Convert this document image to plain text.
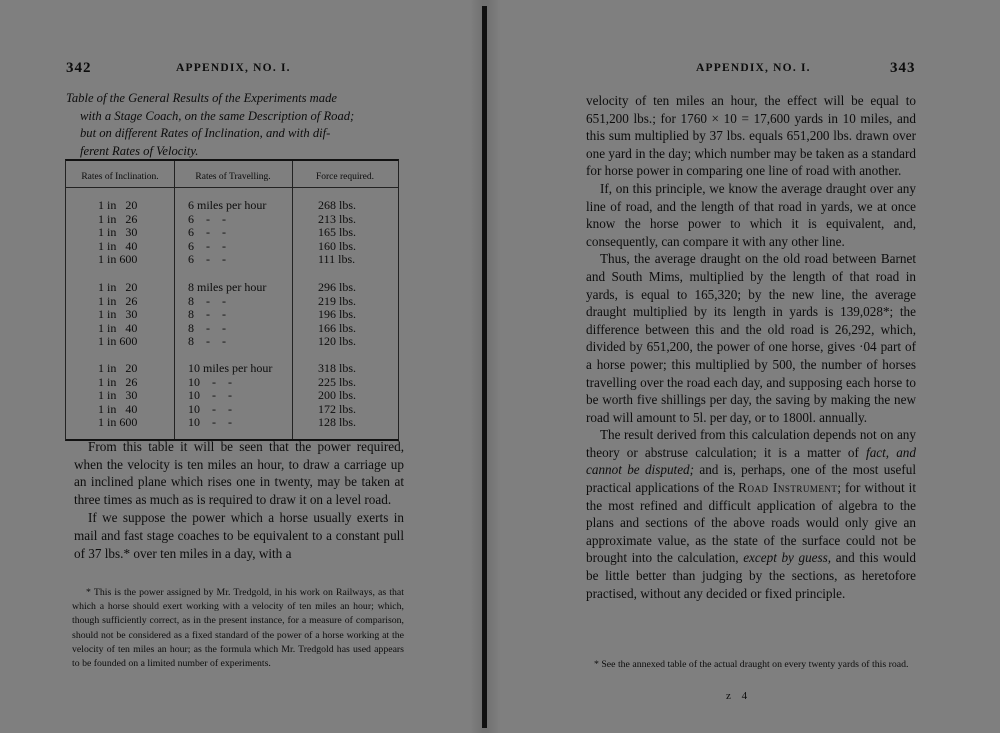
342	APPENDIX, NO. I.
Table of the General Results of the Experiments made
with a Stage Coach, on the same Description of Road;
but on different Rates of Inclination, and with dif-
ferent Rates of Velocity.
Rates of Inclination.	Rates of Travelling.	Force required.
1 in   20	6 miles per hour	268 lbs.
1 in   26	6    -    -	213 lbs.
1 in   30	6    -    -	165 lbs.
1 in   40	6    -    -	160 lbs.
1 in 600	6    -    -	111 lbs.
1 in   20	8 miles per hour	296 lbs.
1 in   26	8    -    -	219 lbs.
1 in   30	8    -    -	196 lbs.
1 in   40	8    -    -	166 lbs.
1 in 600	8    -    -	120 lbs.
1 in   20	10 miles per hour	318 lbs.
1 in   26	10    -    -	225 lbs.
1 in   30	10    -    -	200 lbs.
1 in   40	10    -    -	172 lbs.
1 in 600	10    -    -	128 lbs.

From this table it will be seen that the power required, when the velocity is ten miles an hour, to draw a carriage up an inclined plane which rises one in twenty, may be taken at three times as much as is required to draw it on a level road.

If we suppose the power which a horse usually exerts in mail and fast stage coaches to be equivalent to a constant pull of 37 lbs.* over ten miles in a day, with a

* This is the power assigned by Mr. Tredgold, in his work on Railways, as that which a horse should exert working with a velocity of ten miles an hour; which, though sufficiently correct, as in the present instance, for a measure of comparison, should not be considered as a fixed standard of the power of a horse working at the velocity of ten miles an hour; as the formula which Mr. Tredgold has used appears to be founded on a limited number of experiments.

APPENDIX, NO. I.	343

velocity of ten miles an hour, the effect will be equal to 651,200 lbs.; for 1760 × 10 = 17,600 yards in 10 miles, and this sum multiplied by 37 lbs. equals 651,200 lbs. drawn over one yard in the day; which number may be taken as a standard for horse power in comparing one line of road with another.

If, on this principle, we know the average draught over any line of road, and the length of that road in yards, we at once know the horse power to which it is equivalent, and, consequently, can compare it with any other line.

Thus, the average draught on the old road between Barnet and South Mims, multiplied by the length of that road in yards, is equal to 165,320; by the new line, the average draught multiplied by its length in yards is 139,028*; the difference between this and the old road is 26,292, which, divided by 651,200, the power of one horse, gives ·04 part of a horse power; this multiplied by 500, the number of horses travelling over the road each day, and supposing each horse to be worth five shillings per day, the saving by making the new road will amount to 5l. per day, or to 1800l. annually.

The result derived from this calculation depends not on any theory or abstruse calculation; it is a matter of fact, and cannot be disputed; and is, perhaps, one of the most useful practical applications of the Road Instrument; for without it the most refined and difficult application of algebra to the plans and sections of the above roads would only give an approximate value, as the state of the surface could not be brought into the calculation, except by guess, and this would be little better than judging by the sections, as heretofore practised, without any decided or fixed principle.

* See the annexed table of the actual draught on every twenty yards of this road.

z 4
